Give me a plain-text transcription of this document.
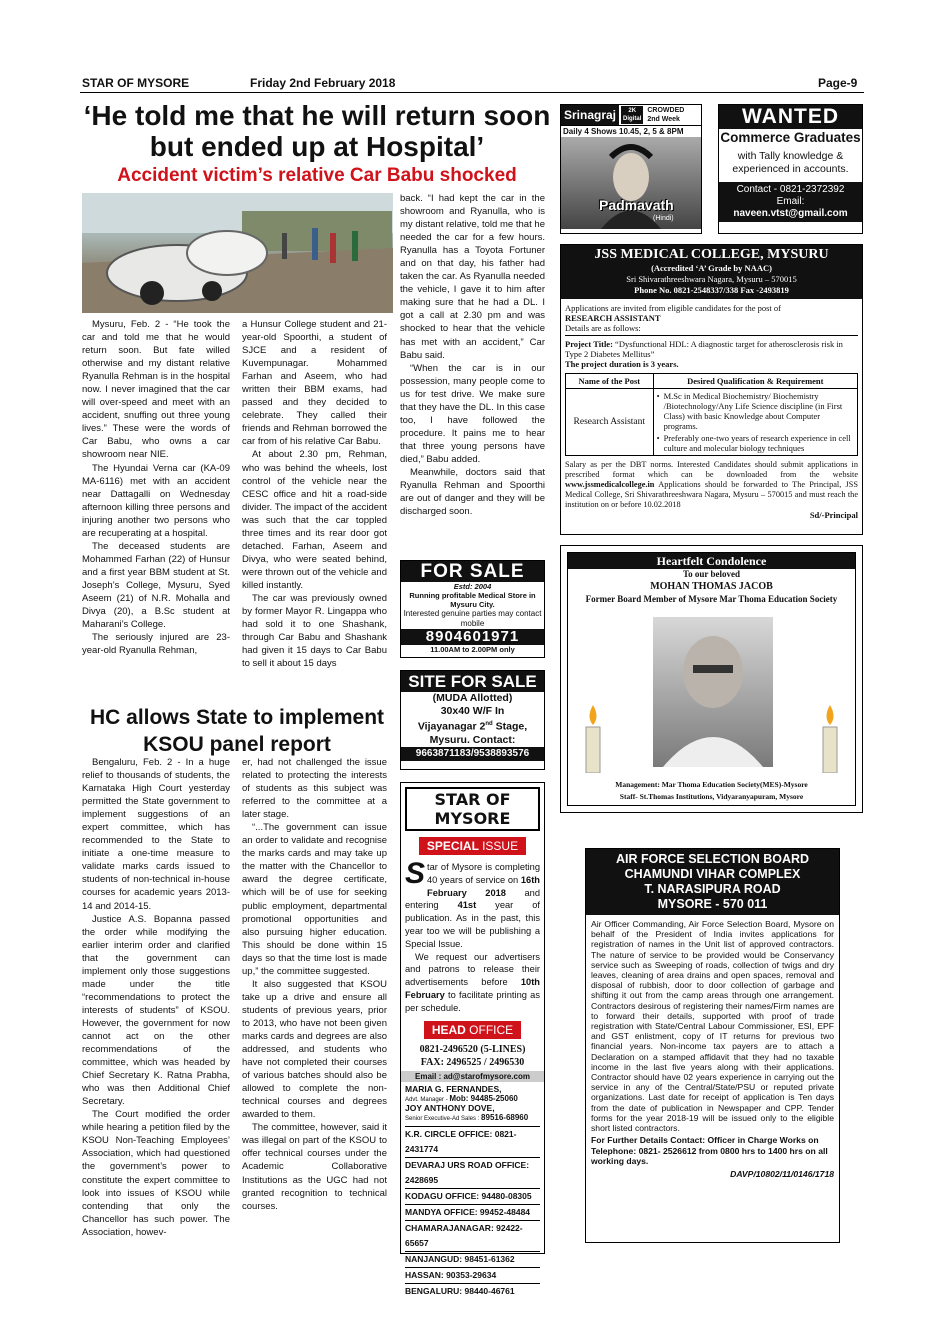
STAR OF MYSORE	Friday 2nd February 2018	Page-9
‘He told me that he will return soon but ended up at Hospital’
Accident victim’s relative Car Babu shocked

Mysuru, Feb. 2 - “He took the car and told me that he would return soon. But fate willed otherwise and my distant relative Ryanulla Rehman is in the hospital now. I never imagined that the car will over-speed and meet with an accident, snuffing out three young lives.” These were the words of Car Babu, who owns a car showroom near NIE.

The Hyundai Verna car (KA-09 MA-6116) met with an accident near Dattagalli on Wednesday afternoon killing three persons and injuring another two persons who are recuperating at a hospital.

The deceased students are Mohammed Farhan (22) of Hunsur and a first year BBM student at St. Joseph’s College, Mysuru, Syed Aseem (21) of N.R. Mohalla and Divya (20), a B.Sc student at Maharani’s College.

The seriously injured are 23-year-old Ryanulla Rehman,

a Hunsur College student and 21-year-old Spoorthi, a student of SJCE and a resident of Kuvempunagar. Mohammed Farhan and Aseem, who had written their BBM exams, had passed and they decided to celebrate. They called their friends and Rehman borrowed the car from of his relative Car Babu.

At about 2.30 pm, Rehman, who was behind the wheels, lost control of the vehicle near the CESC office and hit a road-side divider. The impact of the accident was such that the car toppled three times and its rear door got detached. Farhan, Aseem and Divya, who were seated behind, were thrown out of the vehicle and killed instantly.

The car was previously owned by former Mayor R. Lingappa who had sold it to one Shashank, through Car Babu and Shashank had given it 15 days to Car Babu to sell it about 15 days

back. “I had kept the car in the showroom and Ryanulla, who is my distant relative, told me that he needed the car for a few hours. Ryanulla has a Toyota Fortuner and on that day, his father had taken the car. As Ryanulla needed the vehicle, I gave it to him after making sure that he had a DL. I got a call at 2.30 pm and was shocked to hear that the vehicle has met with an accident,” Car Babu said.

“When the car is in our possession, many people come to us for test drive. We make sure that they have the DL. In this case too, I have followed the procedure. It pains me to hear that three young persons have died,” Babu added.

Meanwhile, doctors said that Ryanulla Rehman and Spoorthi are out of danger and they will be discharged soon.

HC allows State to implement KSOU panel report

Bengaluru, Feb. 2 - In a huge relief to thousands of students, the Karnataka High Court yesterday permitted the State government to implement suggestions of an expert committee, which has recommended to the State to initiate a one-time measure to validate marks cards issued to students of non-technical in-house courses for academic years 2013-14 and 2014-15.

Justice A.S. Bopanna passed the order while modifying the earlier interim order and clarified that the government can implement only those suggestions made under the title “recommendations to protect the interests of students” of KSOU. However, the government for now cannot act on the other recommendations of the committee, which was headed by Chief Secretary K. Ratna Prabha, who was then Additional Chief Secretary.

The Court modified the order while hearing a petition filed by the KSOU Non-Teaching Employees’ Association, which had questioned the government’s power to constitute the expert committee to look into issues of KSOU while contending that only the Chancellor has such power. The Association, howev-

er, had not challenged the issue related to protecting the interests of students as this subject was referred to the committee at a later stage.

“...The government can issue an order to validate and recognise the marks cards and may take up the matter with the Chancellor to award the degree certificate, which will be of use for seeking public employment, departmental promotional opportunities and also pursuing higher education. This should be done within 15 days so that the time lost is made up,” the committee suggested.

It also suggested that KSOU take up a drive and ensure all students of previous years, prior to 2013, who have not been given marks cards and degrees are also addressed, and students who have not completed their courses of various batches should also be allowed to complete the non-technical courses and degrees awarded to them.

The committee, however, said it was illegal on part of the KSOU to offer technical courses under the Academic Collaborative Institutions as the UGC had not granted recognition to technical courses.

FOR SALE
Estd: 2004
Running profitable Medical Store in Mysuru City.
Interested genuine parties may contact mobile
8904601971
11.00AM to 2.00PM only
SITE FOR SALE
(MUDA Allotted)
30x40 W/F In
Vijayanagar 2nd Stage,
Mysuru. Contact:
9663871183/9538893576
STAR OF MYSORE
SPECIAL ISSUE

Star of Mysore is completing 40 years of service on 16th February 2018 and entering 41st year of publication. As in the past, this year too we will be publishing a Special Issue.

We request our advertisers and patrons to release their advertisements before 10th February to facilitate printing as per schedule.

HEAD OFFICE
0821-2496520 (5-LINES)
FAX: 2496525 / 2496530
Email : ad@starofmysore.com
MARIA G. FERNANDES,
Advt. Manager - Mob: 94485-25060
JOY ANTHONY DOVE,
Senior Executive-Ad Sales : 89516-68960
K.R. CIRCLE OFFICE: 0821-2431774
DEVARAJ URS ROAD OFFICE: 2428695
KODAGU OFFICE: 94480-08305
MANDYA OFFICE: 99452-48484
CHAMARAJANAGAR: 92422-65657
NANJANGUD: 98451-61362
HASSAN: 90353-29634
BENGALURU: 98440-46761
Srinagraj	2K
Digital
CROWDED
2nd Week
Daily 4 Shows 10.45, 2, 5 & 8PM
Padmavath
(Hindi)
WANTED
Commerce Graduates
with Tally knowledge &
experienced in accounts.
Contact - 0821-2372392
Email:
naveen.vtst@gmail.com
JSS MEDICAL COLLEGE, MYSURU
(Accredited ‘A’ Grade by NAAC)
Sri Shivarathreeshwara Nagara, Mysuru – 570015
Phone No. 0821-2548337/338 Fax -2493819
Applications are invited from eligible candidates for the post of
RESEARCH ASSISTANT
Details are as follows:
Project Title: “Dysfunctional HDL: A diagnostic target for atherosclerosis risk in Type 2 Diabetes Mellitus”
The project duration is 3 years.
Name of the Post	Desired Qualification & Requirement
Research Assistant	• M.Sc in Medical Biochemistry/ Biochemistry /Biotechnology/Any Life Science discipline (in First Class) with basic Knowledge about Computer programs.
• Preferably one-two years of research experience in cell culture and molecular biology techniques
Salary as per the DBT norms. Interested Candidates should submit applications in prescribed format which can be downloaded from the website www.jssmedicalcollege.in Applications should be forwarded to The Principal, JSS Medical College, Sri Shivarathreeshwara Nagara, Mysuru – 570015 and must reach the institution on or before 10.02.2018
Sd/-Principal
Heartfelt Condolence
To our beloved
MOHAN THOMAS JACOB
Former Board Member of Mysore Mar Thoma Education Society
Management: Mar Thoma Education Society(MES)-Mysore
Staff- St.Thomas Institutions, Vidyaranyapuram, Mysore
AIR FORCE SELECTION BOARD
CHAMUNDI VIHAR COMPLEX
T. NARASIPURA ROAD
MYSORE - 570 011
Air Officer Commanding, Air Force Selection Board, Mysore on behalf of the President of India invites applications for registration of names in the Unit list of approved contractors. The nature of service to be provided would be Conservancy service such as Sweeping of roads, collection of twigs and dry leaves, cleaning of area drains and open spaces, removal and disposal of rubbish, door to door collection of garbage and shifting it out from the camp areas through one arrangement. Contractors desirous of registering their names/Firm names are to forward their details, supported with proof of trade registration with State/Central Labour Commissioner, ESI, EPF and GST enlistment, copy of IT returns for previous two financial years. Non-income tax payers are to attach a Declaration on a stamped affidavit that they had no taxable income in the last five years along with their applications. Contractor should have 02 years experience in carrying out the service in any of the Central/State/PSU or reputed private organizations. Last date for receipt of application is Ten days from the date of publication in Newspaper and CPP. Tender forms for the year 2018-19 will be issued only to the eligible short listed contractors.
For Further Details Contact: Officer in Charge Works on Telephone: 0821- 2526612 from 0800 hrs to 1400 hrs on all working days.
DAVP/10802/11/0146/1718
